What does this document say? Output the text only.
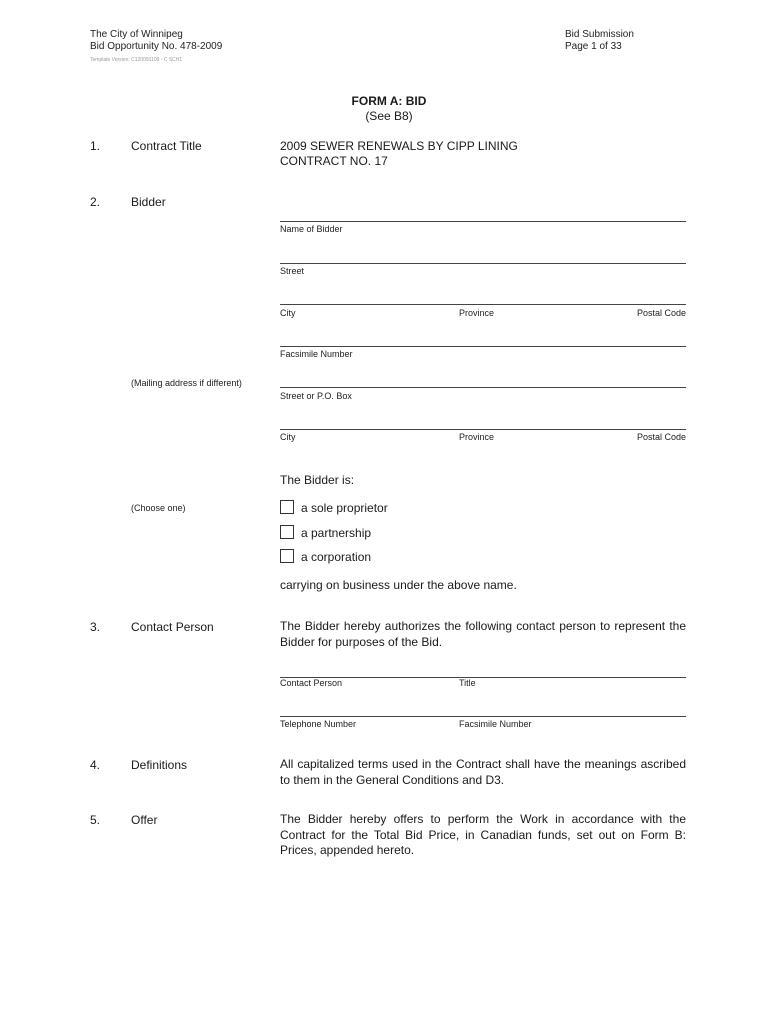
The City of Winnipeg
Bid Opportunity No. 478-2009
Template Version: C120091109 - C SCH1
Bid Submission
Page 1 of 33
FORM A: BID
(See B8)
1.	Contract Title	2009 SEWER RENEWALS BY CIPP LINING
CONTRACT NO. 17
2.	Bidder
Name of Bidder
Street
City	Province	Postal Code
Facsimile Number
(Mailing address if different)
Street or P.O. Box
City	Province	Postal Code
The Bidder is:
(Choose one)	a sole proprietor
a partnership
a corporation
carrying on business under the above name.
3.	Contact Person	The Bidder hereby authorizes the following contact person to represent the Bidder for purposes of the Bid.
Contact Person	Title
Telephone Number	Facsimile Number
4.	Definitions	All capitalized terms used in the Contract shall have the meanings ascribed to them in the General Conditions and D3.
5.	Offer	The Bidder hereby offers to perform the Work in accordance with the Contract for the Total Bid Price, in Canadian funds, set out on Form B: Prices, appended hereto.
